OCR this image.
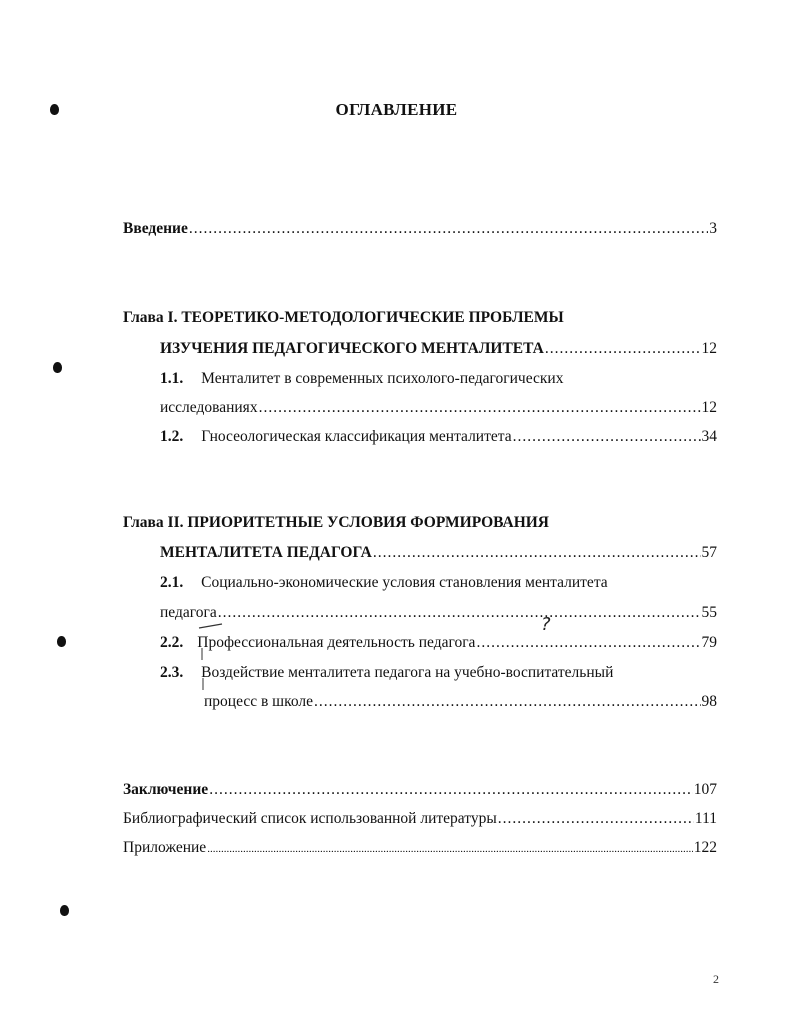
ОГЛАВЛЕНИЕ
Введение .....	3
Глава I. ТЕОРЕТИКО-МЕТОДОЛОГИЧЕСКИЕ ПРОБЛЕМЫ
ИЗУЧЕНИЯ ПЕДАГОГИЧЕСКОГО МЕНТАЛИТЕТА .....	12
1.1. Менталитет в современных психолого-педагогических
исследованиях .....	12
1.2. Гносеологическая классификация менталитета .....	34
Глава II. ПРИОРИТЕТНЫЕ УСЛОВИЯ ФОРМИРОВАНИЯ
МЕНТАЛИТЕТА ПЕДАГОГА .....	57
2.1. Социально-экономические условия становления менталитета
педагога .....	55
2.2. Профессиональная деятельность педагога .....	79
2.3. Воздействие менталитета педагога на учебно-воспитательный
процесс в школе .....	98
?
Заключение .....	107
Библиографический список использованной литературы .....	111
Приложение .....	122
2
